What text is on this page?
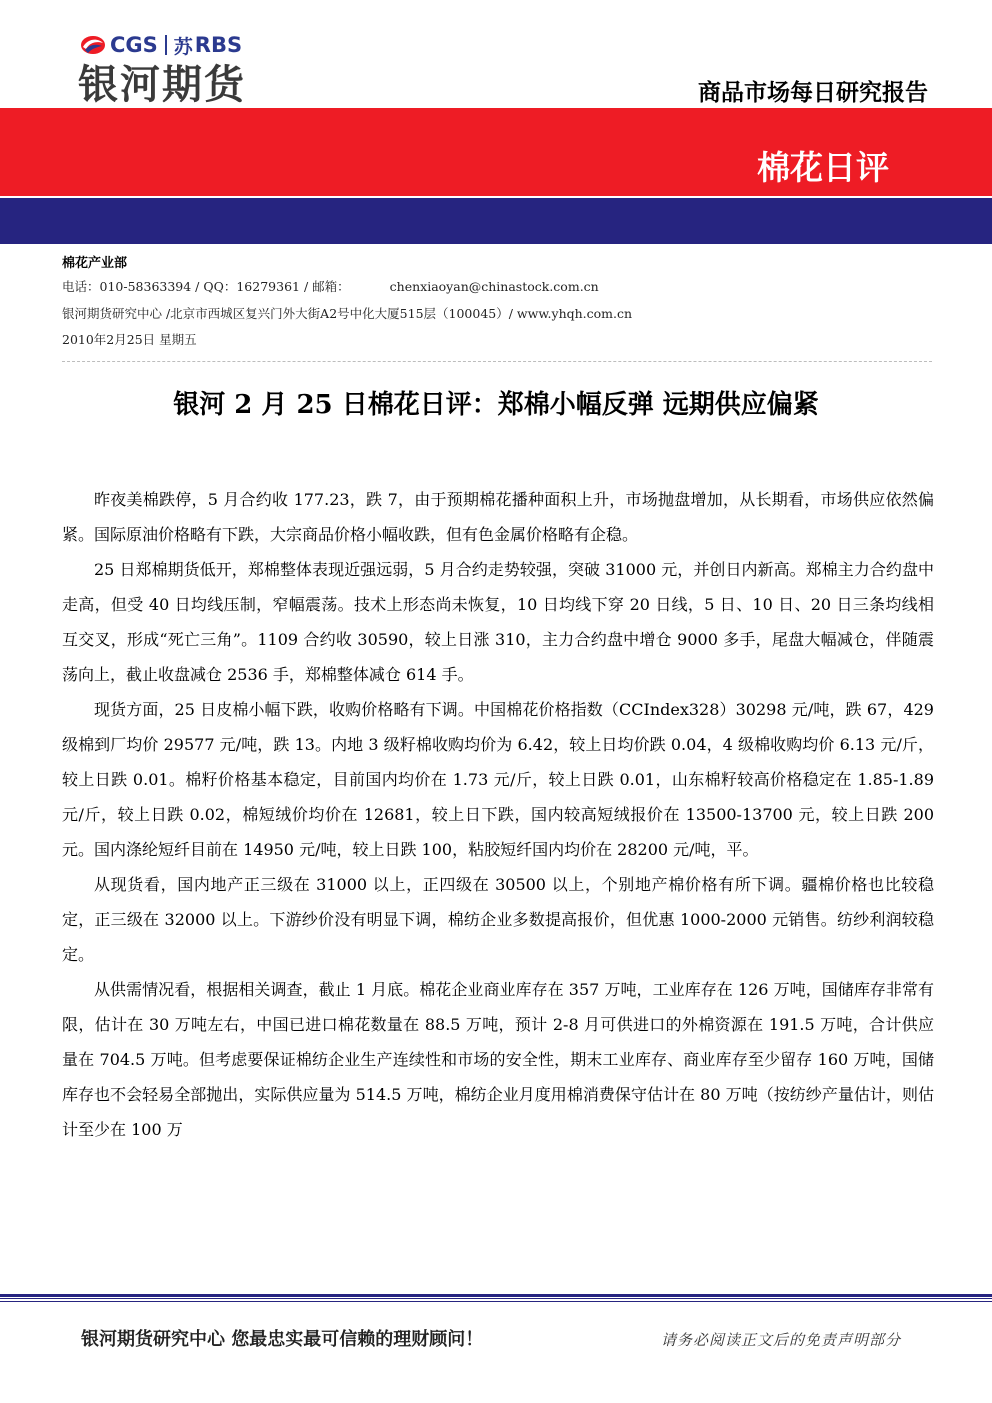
CGS 苏 RBS
银河期货	商品市场每日研究报告
棉花日评
棉花产业部
电话：010-58363394 / QQ：16279361 / 邮箱：	chenxiaoyan@chinastock.com.cn
银河期货研究中心 /北京市西城区复兴门外大街A2号中化大厦515层（100045）/ www.yhqh.com.cn
2010年2月25日 星期五
银河 2 月 25 日棉花日评：郑棉小幅反弹 远期供应偏紧

昨夜美棉跌停，5 月合约收 177.23，跌 7，由于预期棉花播种面积上升，市场抛盘增加，从长期看，市场供应依然偏紧。国际原油价格略有下跌，大宗商品价格小幅收跌，但有色金属价格略有企稳。

25 日郑棉期货低开，郑棉整体表现近强远弱，5 月合约走势较强，突破 31000 元，并创日内新高。郑棉主力合约盘中走高，但受 40 日均线压制，窄幅震荡。技术上形态尚未恢复，10 日均线下穿 20 日线，5 日、10 日、20 日三条均线相互交叉，形成“死亡三角”。1109 合约收 30590，较上日涨 310，主力合约盘中增仓 9000 多手，尾盘大幅减仓，伴随震荡向上，截止收盘减仓 2536 手，郑棉整体减仓 614 手。

现货方面，25 日皮棉小幅下跌，收购价格略有下调。中国棉花价格指数（CCIndex328）30298 元/吨，跌 67，429 级棉到厂均价 29577 元/吨，跌 13。内地 3 级籽棉收购均价为 6.42，较上日均价跌 0.04，4 级棉收购均价 6.13 元/斤，较上日跌 0.01。棉籽价格基本稳定，目前国内均价在 1.73 元/斤，较上日跌 0.01，山东棉籽较高价格稳定在 1.85-1.89 元/斤，较上日跌 0.02，棉短绒价均价在 12681，较上日下跌，国内较高短绒报价在 13500-13700 元，较上日跌 200 元。国内涤纶短纤目前在 14950 元/吨，较上日跌 100，粘胶短纤国内均价在 28200 元/吨，平。

从现货看，国内地产正三级在 31000 以上，正四级在 30500 以上，个别地产棉价格有所下调。疆棉价格也比较稳定，正三级在 32000 以上。下游纱价没有明显下调，棉纺企业多数提高报价，但优惠 1000-2000 元销售。纺纱利润较稳定。

从供需情况看，根据相关调查，截止 1 月底。棉花企业商业库存在 357 万吨，工业库存在 126 万吨，国储库存非常有限，估计在 30 万吨左右，中国已进口棉花数量在 88.5 万吨，预计 2-8 月可供进口的外棉资源在 191.5 万吨，合计供应量在 704.5 万吨。但考虑要保证棉纺企业生产连续性和市场的安全性，期末工业库存、商业库存至少留存 160 万吨，国储库存也不会轻易全部抛出，实际供应量为 514.5 万吨，棉纺企业月度用棉消费保守估计在 80 万吨（按纺纱产量估计，则估计至少在 100 万

银河期货研究中心 您最忠实最可信赖的理财顾问！	请务必阅读正文后的免责声明部分
